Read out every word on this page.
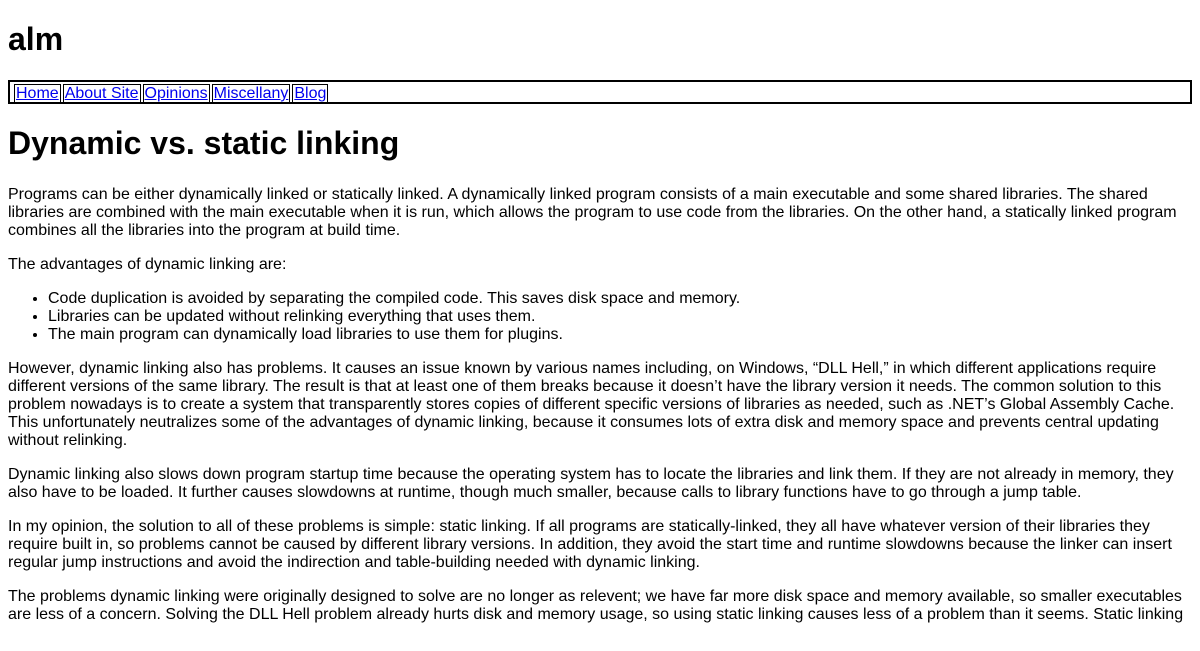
alm
Home	About Site	Opinions	Miscellany	Blog
Dynamic vs. static linking

Programs can be either dynamically linked or statically linked. A dynamically linked program consists of a main executable and some shared libraries. The shared libraries are combined with the main executable when it is run, which allows the program to use code from the libraries. On the other hand, a statically linked program combines all the libraries into the program at build time.

The advantages of dynamic linking are:

• Code duplication is avoided by separating the compiled code. This saves disk space and memory.
• Libraries can be updated without relinking everything that uses them.
• The main program can dynamically load libraries to use them for plugins.

However, dynamic linking also has problems. It causes an issue known by various names including, on Windows, “DLL Hell,” in which different applications require different versions of the same library. The result is that at least one of them breaks because it doesn’t have the library version it needs. The common solution to this problem nowadays is to create a system that transparently stores copies of different specific versions of libraries as needed, such as .NET’s Global Assembly Cache. This unfortunately neutralizes some of the advantages of dynamic linking, because it consumes lots of extra disk and memory space and prevents central updating without relinking.

Dynamic linking also slows down program startup time because the operating system has to locate the libraries and link them. If they are not already in memory, they also have to be loaded. It further causes slowdowns at runtime, though much smaller, because calls to library functions have to go through a jump table.

In my opinion, the solution to all of these problems is simple: static linking. If all programs are statically-linked, they all have whatever version of their libraries they require built in, so problems cannot be caused by different library versions. In addition, they avoid the start time and runtime slowdowns because the linker can insert regular jump instructions and avoid the indirection and table-building needed with dynamic linking.

The problems dynamic linking were originally designed to solve are no longer as relevent; we have far more disk space and memory available, so smaller executables are less of a concern. Solving the DLL Hell problem already hurts disk and memory usage, so using static linking causes less of a problem than it seems. Static linking
